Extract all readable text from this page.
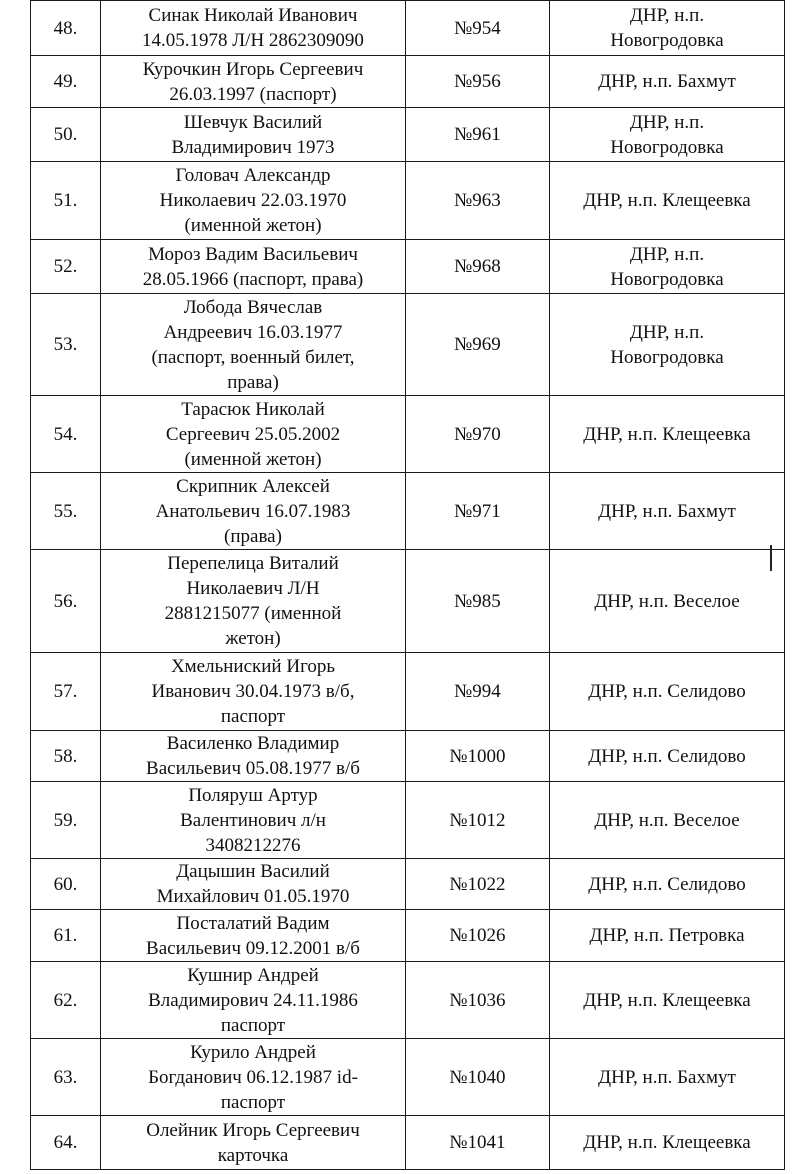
48.	Синак Николай Иванович
14.05.1978 Л/Н 2862309090	№954	ДНР, н.п.
Новогродовка

49.	Курочкин Игорь Сергеевич
26.03.1997 (паспорт)	№956	ДНР, н.п. Бахмут

50.	Шевчук Василий
Владимирович 1973	№961	ДНР, н.п.
Новогродовка

51.	Головач Александр
Николаевич 22.03.1970
(именной жетон)	№963	ДНР, н.п. Клещеевка

52.	Мороз Вадим Васильевич
28.05.1966 (паспорт, права)	№968	ДНР, н.п.
Новогродовка

53.	Лобода Вячеслав
Андреевич 16.03.1977
(паспорт, военный билет,
права)	№969	ДНР, н.п.
Новогродовка

54.	Тарасюк Николай
Сергеевич 25.05.2002
(именной жетон)	№970	ДНР, н.п. Клещеевка

55.	Скрипник Алексей
Анатольевич 16.07.1983
(права)	№971	ДНР, н.п. Бахмут

56.	Перепелица Виталий
Николаевич Л/Н
2881215077 (именной
жетон)	№985	ДНР, н.п. Веселое

57.	Хмельниский Игорь
Иванович 30.04.1973 в/б,
паспорт	№994	ДНР, н.п. Селидово

58.	Василенко Владимир
Васильевич 05.08.1977 в/б	№1000	ДНР, н.п. Селидово

59.	Поляруш Артур
Валентинович л/н
3408212276	№1012	ДНР, н.п. Веселое

60.	Дацышин Василий
Михайлович 01.05.1970	№1022	ДНР, н.п. Селидово

61.	Посталатий Вадим
Васильевич 09.12.2001 в/б	№1026	ДНР, н.п. Петровка

62.	Кушнир Андрей
Владимирович 24.11.1986
паспорт	№1036	ДНР, н.п. Клещеевка

63.	Курило Андрей
Богданович 06.12.1987 id-
паспорт	№1040	ДНР, н.п. Бахмут

64.	Олейник Игорь Сергеевич
карточка	№1041	ДНР, н.п. Клещеевка
